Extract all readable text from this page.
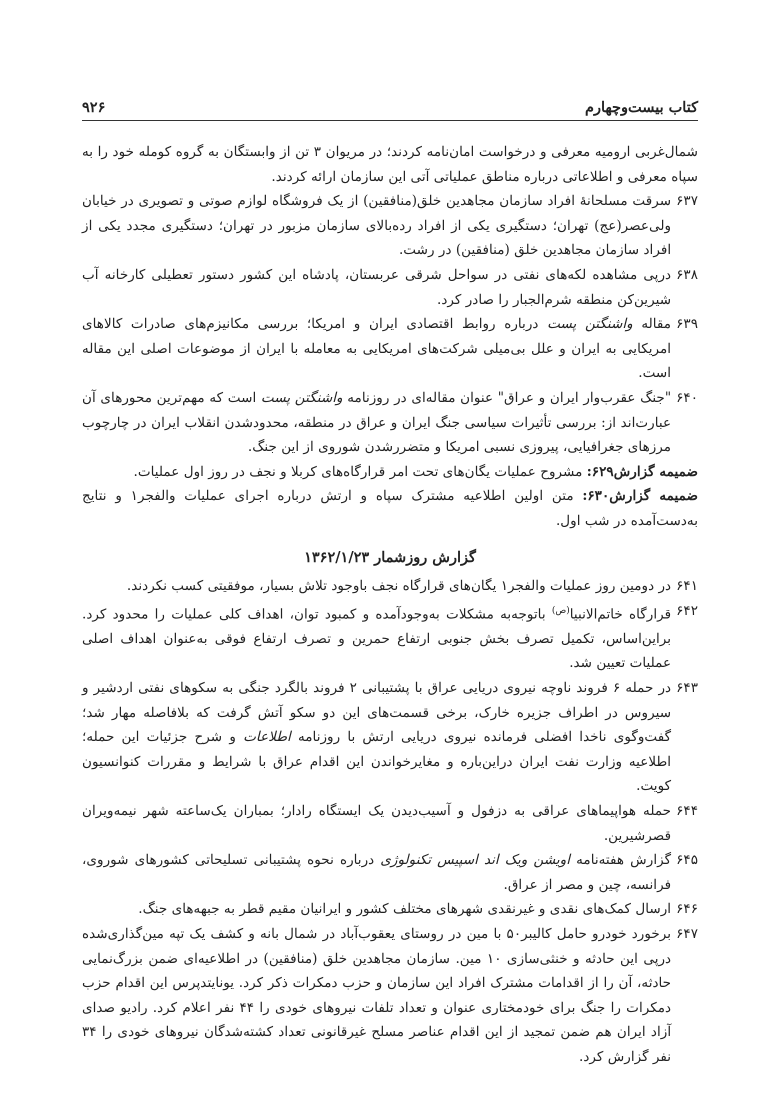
کتاب بیست‌وچهارم
۹۲۶

شمال‌غربی ارومیه معرفی و درخواست امان‌نامه کردند؛ در مریوان ۳ تن از وابستگان به گروه کومله خود را به سپاه معرفی و اطلاعاتی درباره مناطق عملیاتی آتی این سازمان ارائه کردند.

۶۳۷
سرقت مسلحانهٔ افراد سازمان مجاهدین خلق(منافقین) از یک فروشگاه لوازم صوتی و تصویری در خیابان ولی‌عصر(عج) تهران؛ دستگیری یکی از افراد رده‌بالای سازمان مزبور در تهران؛ دستگیری مجدد یکی از افراد سازمان مجاهدین خلق (منافقین) در رشت.
۶۳۸
درپی مشاهده لکه‌های نفتی در سواحل شرقی عربستان، پادشاه این کشور دستور تعطیلی کارخانه آب شیرین‌کن منطقه شرم‌الجبار را صادر کرد.
۶۳۹
مقاله واشنگتن پست درباره روابط اقتصادی ایران و امریکا؛ بررسی مکانیزم‌های صادرات کالاهای امریکایی به ایران و علل بی‌میلی شرکت‌های امریکایی به معامله با ایران از موضوعات اصلی این مقاله است.
۶۴۰
"جنگ عقرب‌وار ایران و عراق" عنوان مقاله‌ای در روزنامه واشنگتن پست است که مهم‌ترین محورهای آن عبارت‌اند از: بررسی تأثیرات سیاسی جنگ ایران و عراق در منطقه، محدودشدن انقلاب ایران در چارچوب مرزهای جغرافیایی، پیروزی نسبی امریکا و متضررشدن شوروی از این جنگ.

ضمیمه گزارش۶۲۹: مشروح عملیات یگان‌های تحت امر قرارگاه‌های کربلا و نجف در روز اول عملیات.

ضمیمه گزارش۶۳۰: متن اولین اطلاعیه مشترک سپاه و ارتش درباره اجرای عملیات والفجر۱ و نتایج به‌دست‌آمده در شب اول.

گزارش روزشمار ۱۳۶۲/۱/۲۳
۶۴۱
در دومین روز عملیات والفجر۱ یگان‌های قرارگاه نجف باوجود تلاش بسیار، موفقیتی کسب نکردند.
۶۴۲
قرارگاه خاتم‌الانبیا$^{(ص)}$ باتوجه‌به مشکلات به‌وجودآمده و کمبود توان، اهداف کلی عملیات را محدود کرد. براین‌اساس، تکمیل تصرف بخش جنوبی ارتفاع حمرین و تصرف ارتفاع فوقی به‌عنوان اهداف اصلی عملیات تعیین شد.
۶۴۳
در حمله ۶ فروند ناوچه نیروی دریایی عراق با پشتیبانی ۲ فروند بالگرد جنگی به سکوهای نفتی اردشیر و سیروس در اطراف جزیره خارک، برخی قسمت‌های این دو سکو آتش گرفت که بلافاصله مهار شد؛ گفت‌وگوی ناخدا افضلی فرمانده نیروی دریایی ارتش با روزنامه اطلاعات و شرح جزئیات این حمله؛ اطلاعیه وزارت نفت ایران دراین‌باره و مغایرخواندن این اقدام عراق با شرایط و مقررات کنوانسیون کویت.
۶۴۴
حمله هواپیماهای عراقی به دزفول و آسیب‌دیدن یک ایستگاه رادار؛ بمباران یک‌ساعته شهر نیمه‌ویران قصرشیرین.
۶۴۵
گزارش هفته‌نامه اویشن ویک اند اسپیس تکنولوژی درباره نحوه پشتیبانی تسلیحاتی کشورهای شوروی، فرانسه، چین و مصر از عراق.
۶۴۶
ارسال کمک‌های نقدی و غیرنقدی شهرهای مختلف کشور و ایرانیان مقیم قطر به جبهه‌های جنگ.
۶۴۷
برخورد خودرو حامل کالیبر۵۰ با مین در روستای یعقوب‌آباد در شمال بانه و کشف یک تپه مین‌گذاری‌شده درپی این حادثه و خنثی‌سازی ۱۰ مین. سازمان مجاهدین خلق (منافقین) در اطلاعیه‌ای ضمن بزرگ‌نمایی حادثه، آن را از اقدامات مشترک افراد این سازمان و حزب دمکرات ذکر کرد. یونایتدپرس این اقدام حزب دمکرات را جنگ برای خودمختاری عنوان و تعداد تلفات نیروهای خودی را ۴۴ نفر اعلام کرد. رادیو صدای آزاد ایران هم ضمن تمجید از این اقدام عناصر مسلح غیرقانونی تعداد کشته‌شدگان نیروهای خودی را ۳۴ نفر گزارش کرد.
